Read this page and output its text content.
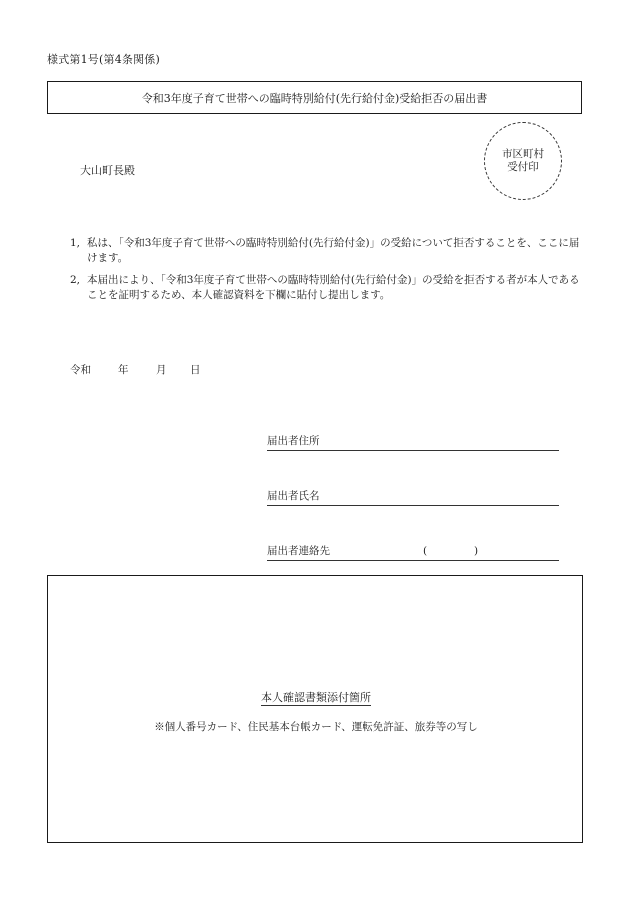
様式第1号(第4条関係)
令和3年度子育て世帯への臨時特別給付(先行給付金)受給拒否の届出書
市区町村
受付印
大山町長殿
1, 私は、「令和3年度子育て世帯への臨時特別給付(先行給付金)」の受給について拒否することを、ここに届けます。
2, 本届出により、「令和3年度子育て世帯への臨時特別給付(先行給付金)」の受給を拒否する者が本人であることを証明するため、本人確認資料を下欄に貼付し提出します。
令和	年	月	日
届出者住所
届出者氏名
届出者連絡先	(	)
本人確認書類添付箇所
※個人番号カード、住民基本台帳カード、運転免許証、旅券等の写し
